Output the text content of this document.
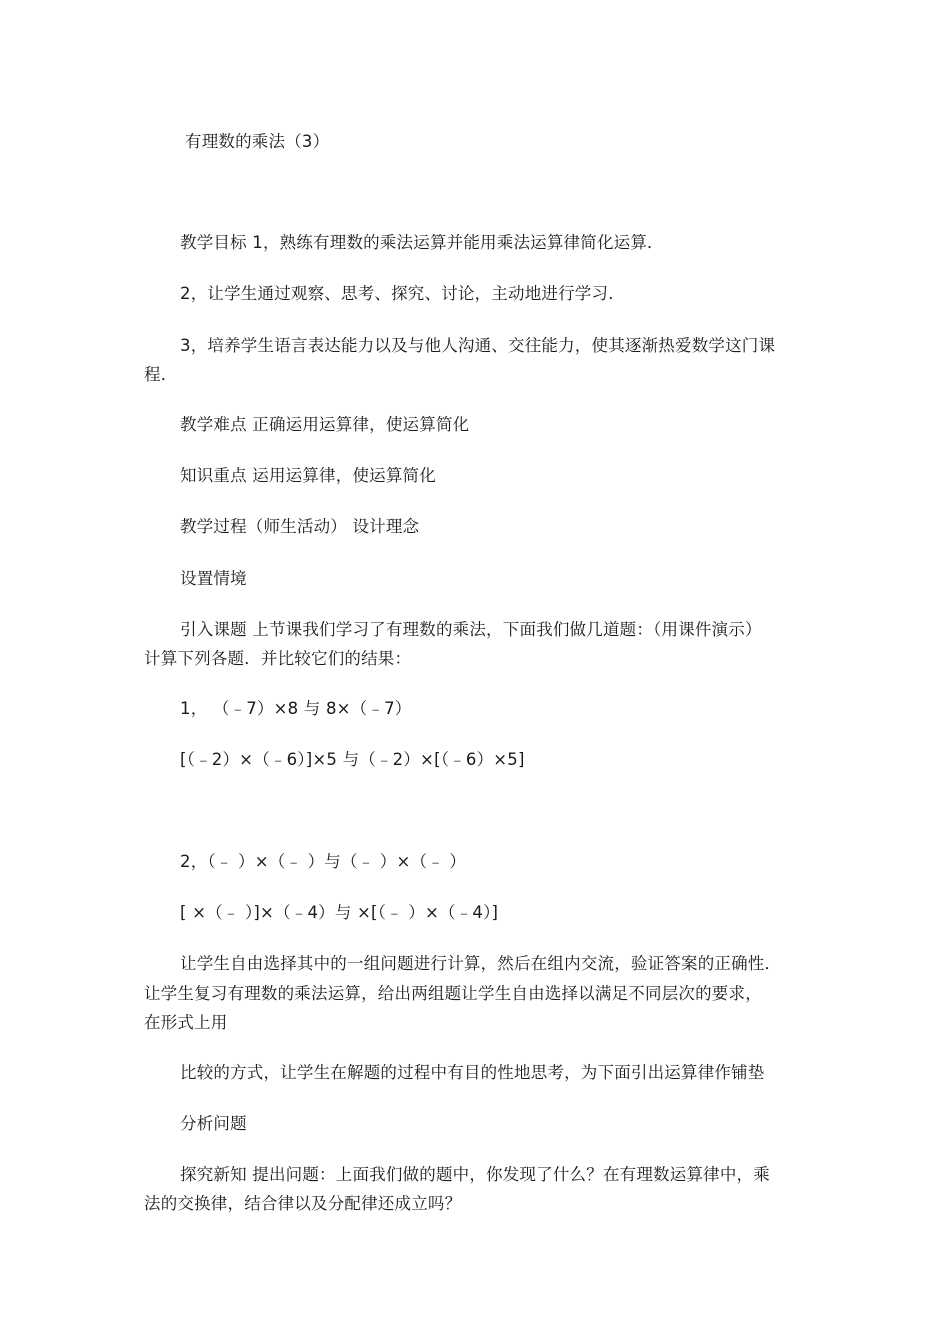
有理数的乘法（3）
教学目标 1，熟练有理数的乘法运算并能用乘法运算律简化运算．
2，让学生通过观察、思考、探究、讨论，主动地进行学习．
3，培养学生语言表达能力以及与他人沟通、交往能力，使其逐渐热爱数学这门课
程．
教学难点 正确运用运算律，使运算简化
知识重点 运用运算律，使运算简化
教学过程（师生活动） 设计理念
设置情境
引入课题 上节课我们学习了有理数的乘法，下面我们做几道题：（用课件演示）
计算下列各题．并比较它们的结果：
1， （﹣7）×8 与 8×（﹣7）
[（﹣2）×（﹣6）]×5 与（﹣2）×[（﹣6）×5]
2，（﹣ ）×（﹣ ）与（﹣ ）×（﹣ ）
[ ×（﹣ ）]×（﹣4）与 ×[（﹣ ）×（﹣4）]
让学生自由选择其中的一组问题进行计算，然后在组内交流，验证答案的正确性．
让学生复习有理数的乘法运算，给出两组题让学生自由选择以满足不同层次的要求，
在形式上用
比较的方式，让学生在解题的过程中有目的性地思考，为下面引出运算律作铺垫
分析问题
探究新知 提出问题：上面我们做的题中，你发现了什么？在有理数运算律中，乘
法的交换律，结合律以及分配律还成立吗？
